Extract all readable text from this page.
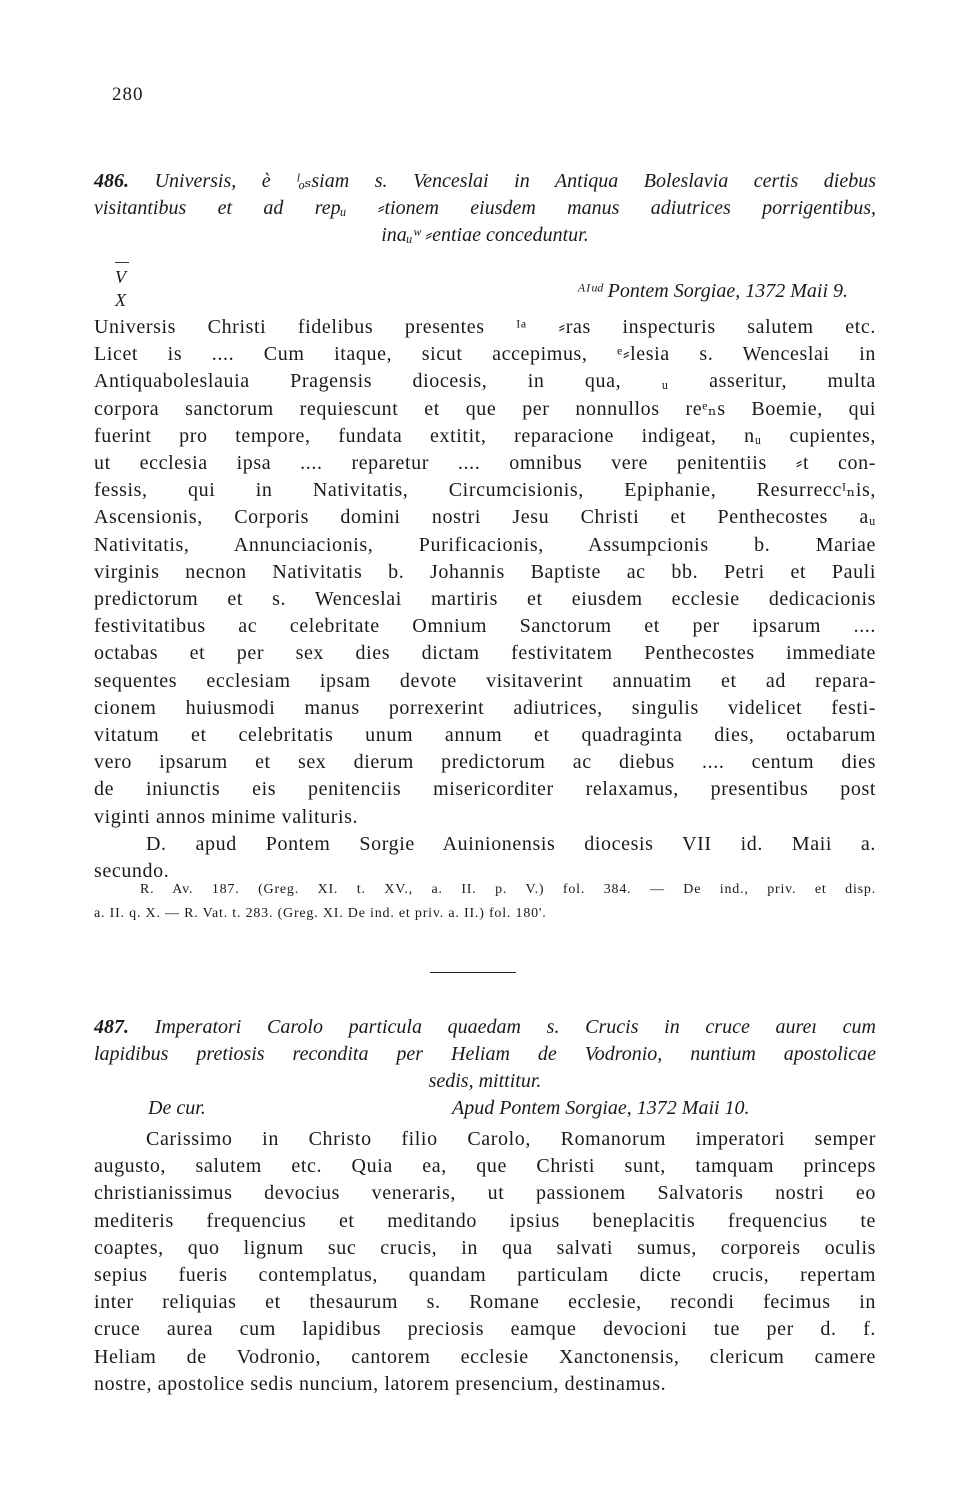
280
486. Universis, è ˡₒₛsiam s. Venceslai in Antiqua Boleslavia certis diebus
visitantibus et ad repᵤ ⸗tionem eiusdem manus adiutrices porrigentibus,
inaᵤʷ ⸗entiae conceduntur.
V
X	ᴬᴵᵘᵈ Pontem Sorgiae, 1372 Maii 9.
Universis Christi fidelibus presentes ᴵᵃ ⸗ras inspecturis salutem etc.
Licet is .... Cum itaque, sicut accepimus, ᵉ⸗lesia s. Wenceslai in
Antiquaboleslauia Pragensis diocesis, in qua, ᵤ asseritur, multa
corpora sanctorum requiescunt et que per nonnullos reᵉₙs Boemie, qui
fuerint pro tempore, fundata extitit, reparacione indigeat, nᵤ cupientes,
ut ecclesia ipsa .... reparetur .... omnibus vere penitentiis ⸗t con-
fessis, qui in Nativitatis, Circumcisionis, Epiphanie, Resurreccᴵₙis,
Ascensionis, Corporis domini nostri Jesu Christi et Penthecostes aᵤ
Nativitatis, Annunciacionis, Purificacionis, Assumpcionis b. Mariae
virginis necnon Nativitatis b. Johannis Baptiste ac bb. Petri et Pauli
predictorum et s. Wenceslai martiris et eiusdem ecclesie dedicacionis
festivitatibus ac celebritate Omnium Sanctorum et per ipsarum ....
octabas et per sex dies dictam festivitatem Penthecostes immediate
sequentes ecclesiam ipsam devote visitaverint annuatim et ad repara-
cionem huiusmodi manus porrexerint adiutrices, singulis videlicet festi-
vitatum et celebritatis unum annum et quadraginta dies, octabarum
vero ipsarum et sex dierum predictorum ac diebus .... centum dies
de iniunctis eis penitenciis misericorditer relaxamus, presentibus post
viginti annos minime valituris.
D. apud Pontem Sorgie Auinionensis diocesis VII id. Maii a.
secundo.
R. Av. 187. (Greg. XI. t. XV., a. II. p. V.) fol. 384. — De ind., priv. et disp.
a. II. q. X. — R. Vat. t. 283. (Greg. XI. De ind. et priv. a. II.) fol. 180'.
487. Imperatori Carolo particula quaedam s. Crucis in cruce aureı cum
lapidibus pretiosis recondita per Heliam de Vodronio, nuntium apostolicae
sedis, mittitur.
De cur.	Apud Pontem Sorgiae, 1372 Maii 10.
Carissimo in Christo filio Carolo, Romanorum imperatori semper
augusto, salutem etc. Quia ea, que Christi sunt, tamquam princeps
christianissimus devocius veneraris, ut passionem Salvatoris nostri eo
mediteris frequencius et meditando ipsius beneplacitis frequencius te
coaptes, quo lignum suc crucis, in qua salvati sumus, corporeis oculis
sepius fueris contemplatus, quandam particulam dicte crucis, repertam
inter reliquias et thesaurum s. Romane ecclesie, recondi fecimus in
cruce aurea cum lapidibus preciosis eamque devocioni tue per d. f.
Heliam de Vodronio, cantorem ecclesie Xanctonensis, clericum camere
nostre, apostolice sedis nuncium, latorem presencium, destinamus.
